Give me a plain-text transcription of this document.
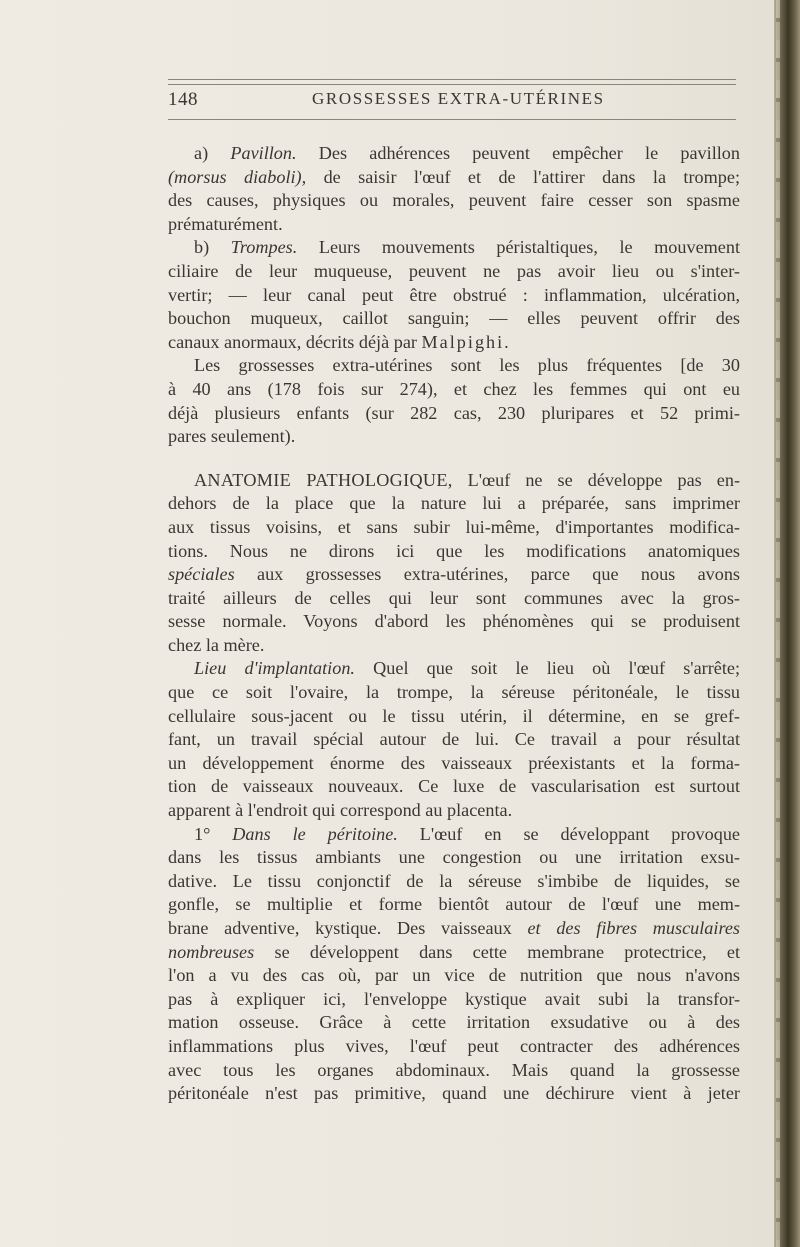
148	GROSSESSES EXTRA-UTÉRINES

a) Pavillon. Des adhérences peuvent empêcher le pavillon
(morsus diaboli), de saisir l'œuf et de l'attirer dans la trompe;
des causes, physiques ou morales, peuvent faire cesser son spasme
prématurément.

b) Trompes. Leurs mouvements péristaltiques, le mouvement
ciliaire de leur muqueuse, peuvent ne pas avoir lieu ou s'inter-
vertir; — leur canal peut être obstrué : inflammation, ulcération,
bouchon muqueux, caillot sanguin; — elles peuvent offrir des
canaux anormaux, décrits déjà par Malpighi.

Les grossesses extra-utérines sont les plus fréquentes [de 30
à 40 ans (178 fois sur 274), et chez les femmes qui ont eu
déjà plusieurs enfants (sur 282 cas, 230 pluripares et 52 primi-
pares seulement).

ANATOMIE PATHOLOGIQUE, L'œuf ne se développe pas en-
dehors de la place que la nature lui a préparée, sans imprimer
aux tissus voisins, et sans subir lui-même, d'importantes modifica-
tions. Nous ne dirons ici que les modifications anatomiques
spéciales aux grossesses extra-utérines, parce que nous avons
traité ailleurs de celles qui leur sont communes avec la gros-
sesse normale. Voyons d'abord les phénomènes qui se produisent
chez la mère.

Lieu d'implantation. Quel que soit le lieu où l'œuf s'arrête;
que ce soit l'ovaire, la trompe, la séreuse péritonéale, le tissu
cellulaire sous-jacent ou le tissu utérin, il détermine, en se gref-
fant, un travail spécial autour de lui. Ce travail a pour résultat
un développement énorme des vaisseaux préexistants et la forma-
tion de vaisseaux nouveaux. Ce luxe de vascularisation est surtout
apparent à l'endroit qui correspond au placenta.

1° Dans le péritoine. L'œuf en se développant provoque
dans les tissus ambiants une congestion ou une irritation exsu-
dative. Le tissu conjonctif de la séreuse s'imbibe de liquides, se
gonfle, se multiplie et forme bientôt autour de l'œuf une mem-
brane adventive, kystique. Des vaisseaux et des fibres musculaires
nombreuses se développent dans cette membrane protectrice, et
l'on a vu des cas où, par un vice de nutrition que nous n'avons
pas à expliquer ici, l'enveloppe kystique avait subi la transfor-
mation osseuse. Grâce à cette irritation exsudative ou à des
inflammations plus vives, l'œuf peut contracter des adhérences
avec tous les organes abdominaux. Mais quand la grossesse
péritonéale n'est pas primitive, quand une déchirure vient à jeter
